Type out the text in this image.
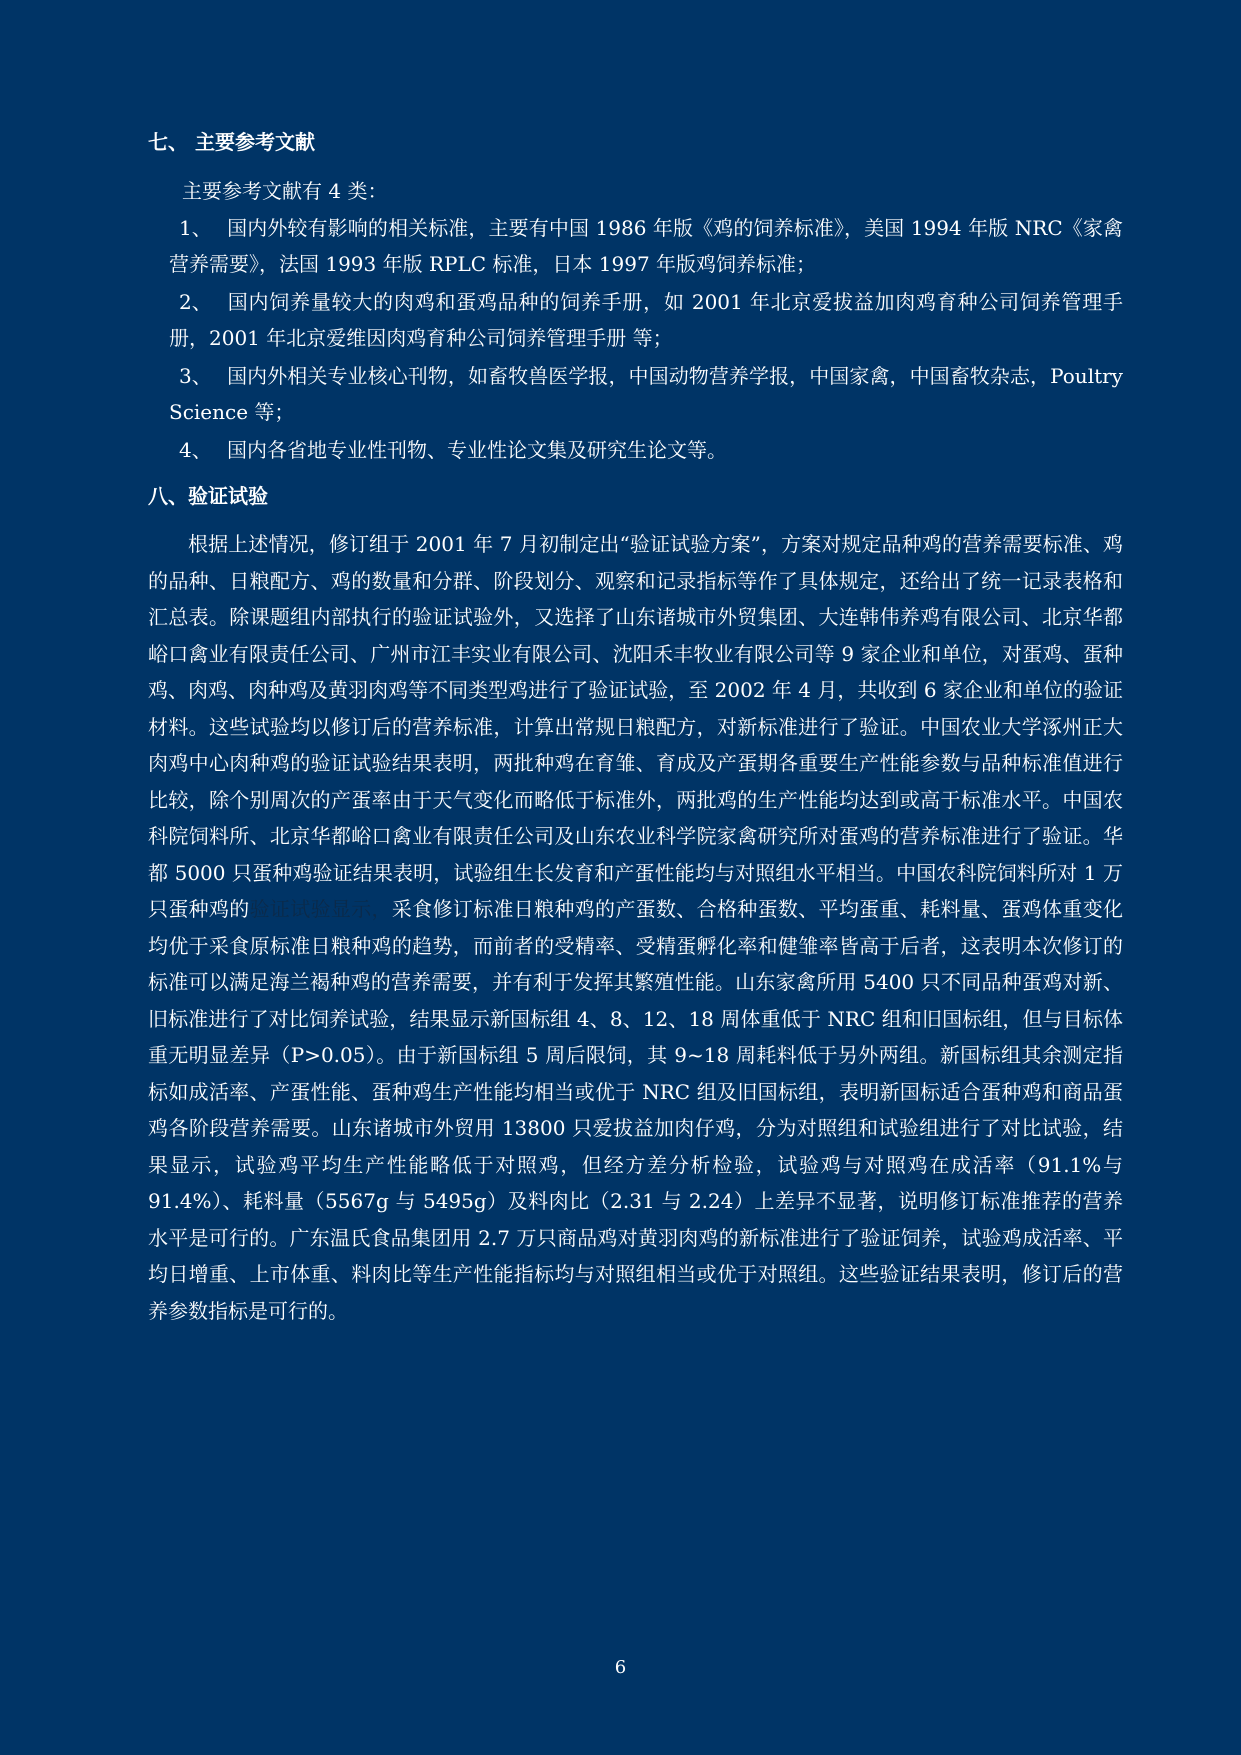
七、 主要参考文献

主要参考文献有 4 类：

1、 国内外较有影响的相关标准，主要有中国 1986 年版《鸡的饲养标准》，美国 1994 年版 NRC《家禽营养需要》，法国 1993 年版 RPLC 标准，日本 1997 年版鸡饲养标准；
2、 国内饲养量较大的肉鸡和蛋鸡品种的饲养手册，如 2001 年北京爱拔益加肉鸡育种公司饲养管理手册，2001 年北京爱维因肉鸡育种公司饲养管理手册 等；
3、 国内外相关专业核心刊物，如畜牧兽医学报，中国动物营养学报，中国家禽，中国畜牧杂志，Poultry Science 等；
4、 国内各省地专业性刊物、专业性论文集及研究生论文等。
八、验证试验

根据上述情况，修订组于 2001 年 7 月初制定出“验证试验方案”，方案对规定品种鸡的营养需要标准、鸡的品种、日粮配方、鸡的数量和分群、阶段划分、观察和记录指标等作了具体规定，还给出了统一记录表格和汇总表。除课题组内部执行的验证试验外，又选择了山东诸城市外贸集团、大连韩伟养鸡有限公司、北京华都峪口禽业有限责任公司、广州市江丰实业有限公司、沈阳禾丰牧业有限公司等 9 家企业和单位，对蛋鸡、蛋种鸡、肉鸡、肉种鸡及黄羽肉鸡等不同类型鸡进行了验证试验，至 2002 年 4 月，共收到 6 家企业和单位的验证材料。这些试验均以修订后的营养标准，计算出常规日粮配方，对新标准进行了验证。中国农业大学涿州正大肉鸡中心肉种鸡的验证试验结果表明，两批种鸡在育雏、育成及产蛋期各重要生产性能参数与品种标准值进行比较，除个别周次的产蛋率由于天气变化而略低于标准外，两批鸡的生产性能均达到或高于标准水平。中国农科院饲料所、北京华都峪口禽业有限责任公司及山东农业科学院家禽研究所对蛋鸡的营养标准进行了验证。华都 5000 只蛋种鸡验证结果表明，试验组生长发育和产蛋性能均与对照组水平相当。中国农科院饲料所对 1 万只蛋种鸡的验证试验显示，采食修订标准日粮种鸡的产蛋数、合格种蛋数、平均蛋重、耗料量、蛋鸡体重变化均优于采食原标准日粮种鸡的趋势，而前者的受精率、受精蛋孵化率和健雏率皆高于后者，这表明本次修订的标准可以满足海兰褐种鸡的营养需要，并有利于发挥其繁殖性能。山东家禽所用 5400 只不同品种蛋鸡对新、旧标准进行了对比饲养试验，结果显示新国标组 4、8、12、18 周体重低于 NRC 组和旧国标组，但与目标体重无明显差异（P>0.05）。由于新国标组 5 周后限饲，其 9~18 周耗料低于另外两组。新国标组其余测定指标如成活率、产蛋性能、蛋种鸡生产性能均相当或优于 NRC 组及旧国标组，表明新国标适合蛋种鸡和商品蛋鸡各阶段营养需要。山东诸城市外贸用 13800 只爱拔益加肉仔鸡，分为对照组和试验组进行了对比试验，结果显示，试验鸡平均生产性能略低于对照鸡，但经方差分析检验，试验鸡与对照鸡在成活率（91.1%与 91.4%）、耗料量（5567g 与 5495g）及料肉比（2.31 与 2.24）上差异不显著，说明修订标准推荐的营养水平是可行的。广东温氏食品集团用 2.7 万只商品鸡对黄羽肉鸡的新标准进行了验证饲养，试验鸡成活率、平均日增重、上市体重、料肉比等生产性能指标均与对照组相当或优于对照组。这些验证结果表明，修订后的营养参数指标是可行的。

6
